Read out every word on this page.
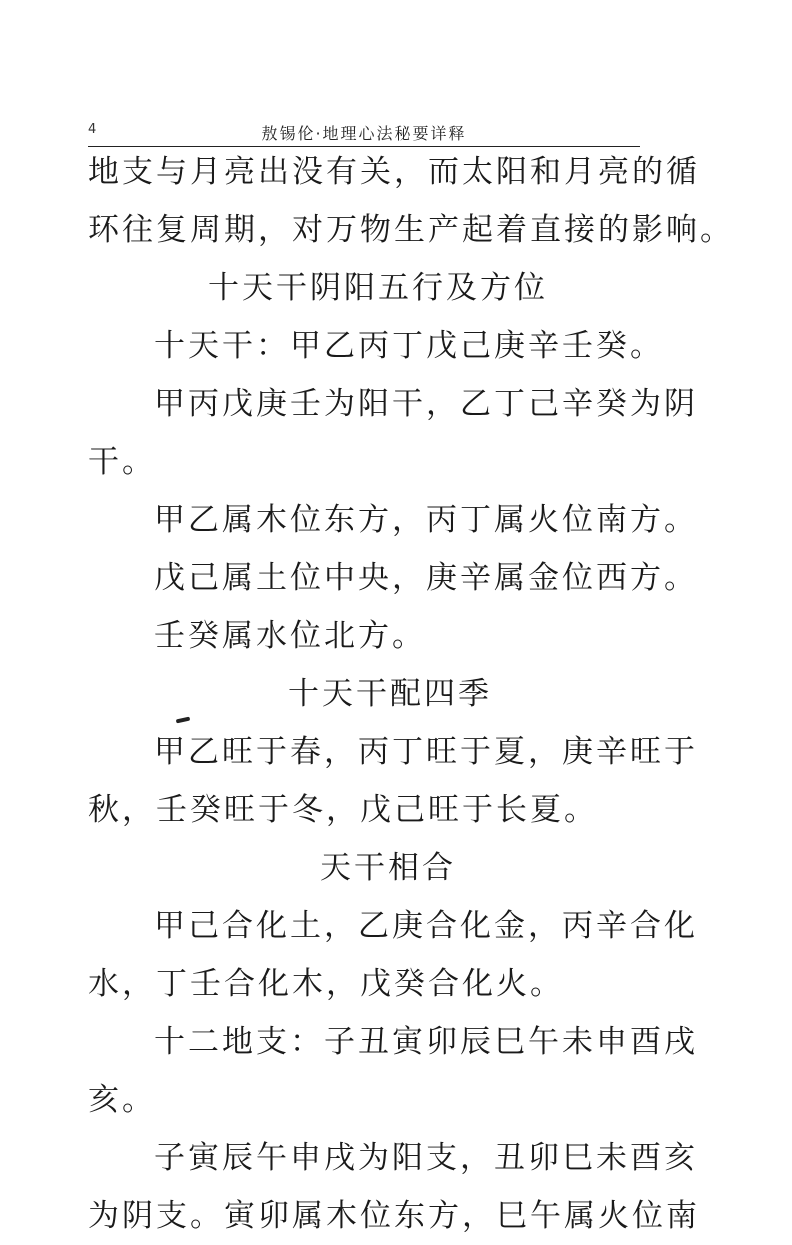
4	敖锡伦·地理心法秘要详释
地支与月亮出没有关，而太阳和月亮的循
环往复周期，对万物生产起着直接的影响。
十天干阴阳五行及方位
十天干：甲乙丙丁戊己庚辛壬癸。
甲丙戊庚壬为阳干，乙丁己辛癸为阴
干。
甲乙属木位东方，丙丁属火位南方。
戊己属土位中央，庚辛属金位西方。
壬癸属水位北方。
十天干配四季
甲乙旺于春，丙丁旺于夏，庚辛旺于
秋，壬癸旺于冬，戊己旺于长夏。
天干相合
甲己合化土，乙庚合化金，丙辛合化
水，丁壬合化木，戊癸合化火。
十二地支：子丑寅卯辰巳午未申酉戌
亥。
子寅辰午申戌为阳支，丑卯巳未酉亥
为阴支。寅卯属木位东方，巳午属火位南
